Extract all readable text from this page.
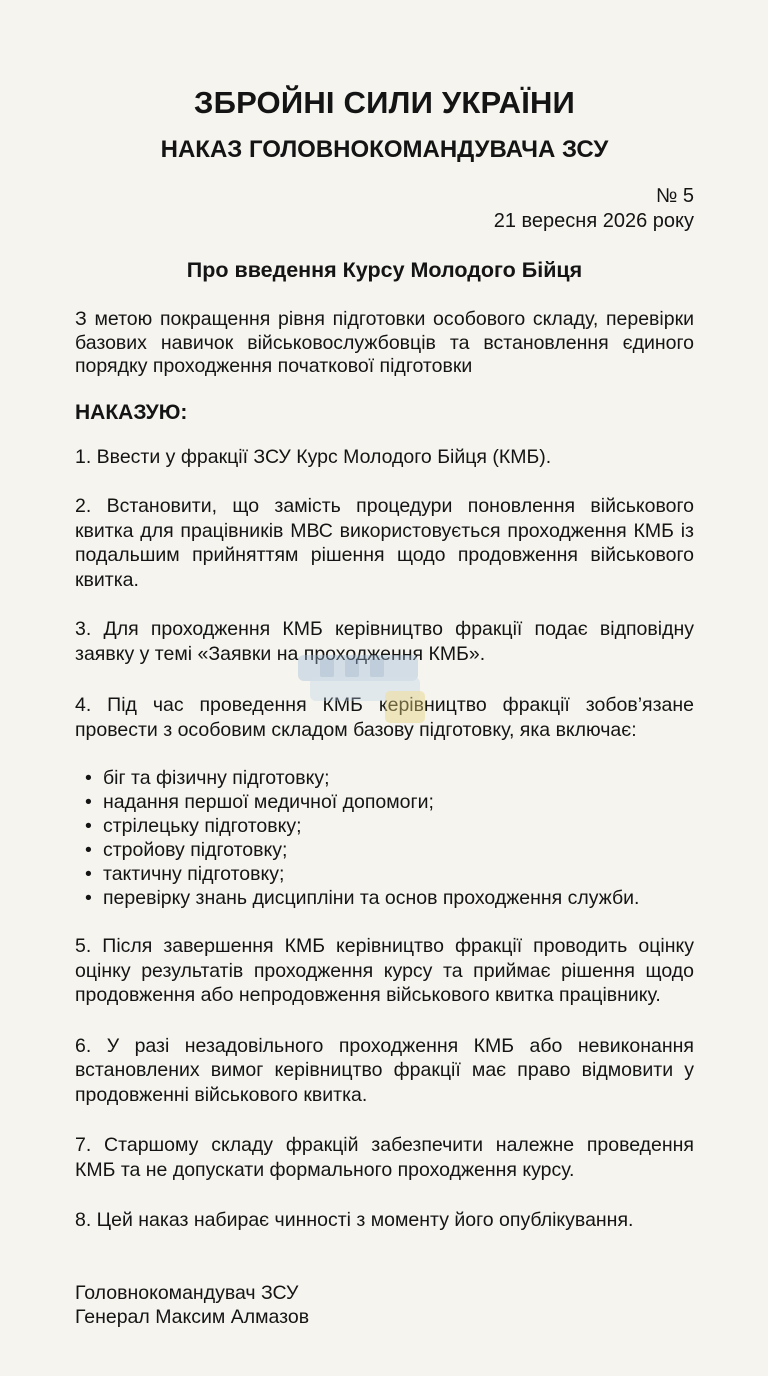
ЗБРОЙНІ СИЛИ УКРАЇНИ
НАКАЗ ГОЛОВНОКОМАНДУВАЧА ЗСУ
№ 5
21 вересня 2026 року
Про введення Курсу Молодого Бійця

З метою покращення рівня підготовки особового складу, перевірки базових навичок військовослужбовців та встановлення єдиного порядку проходження початкової підготовки

НАКАЗУЮ:

1. Ввести у фракції ЗСУ Курс Молодого Бійця (КМБ).

2. Встановити, що замість процедури поновлення військового квитка для працівників МВС використовується проходження КМБ із подальшим прийняттям рішення щодо продовження військового квитка.

3. Для проходження КМБ керівництво фракції подає відповідну заявку у темі «Заявки на проходження КМБ».

4. Під час проведення КМБ керівництво фракції зобов’язане провести з особовим складом базову підготовку, яка включає:

• біг та фізичну підготовку;
• надання першої медичної допомоги;
• стрілецьку підготовку;
• стройову підготовку;
• тактичну підготовку;
• перевірку знань дисципліни та основ проходження служби.

5. Після завершення КМБ керівництво фракції проводить оцінку оцінку результатів проходження курсу та приймає рішення щодо продовження або непродовження військового квитка працівнику.

6. У разі незадовільного проходження КМБ або невиконання встановлених вимог керівництво фракції має право відмовити у продовженні військового квитка.

7. Старшому складу фракцій забезпечити належне проведення КМБ та не допускати формального проходження курсу.

8. Цей наказ набирає чинності з моменту його опублікування.

Головнокомандувач ЗСУ
Генерал Максим Алмазов
